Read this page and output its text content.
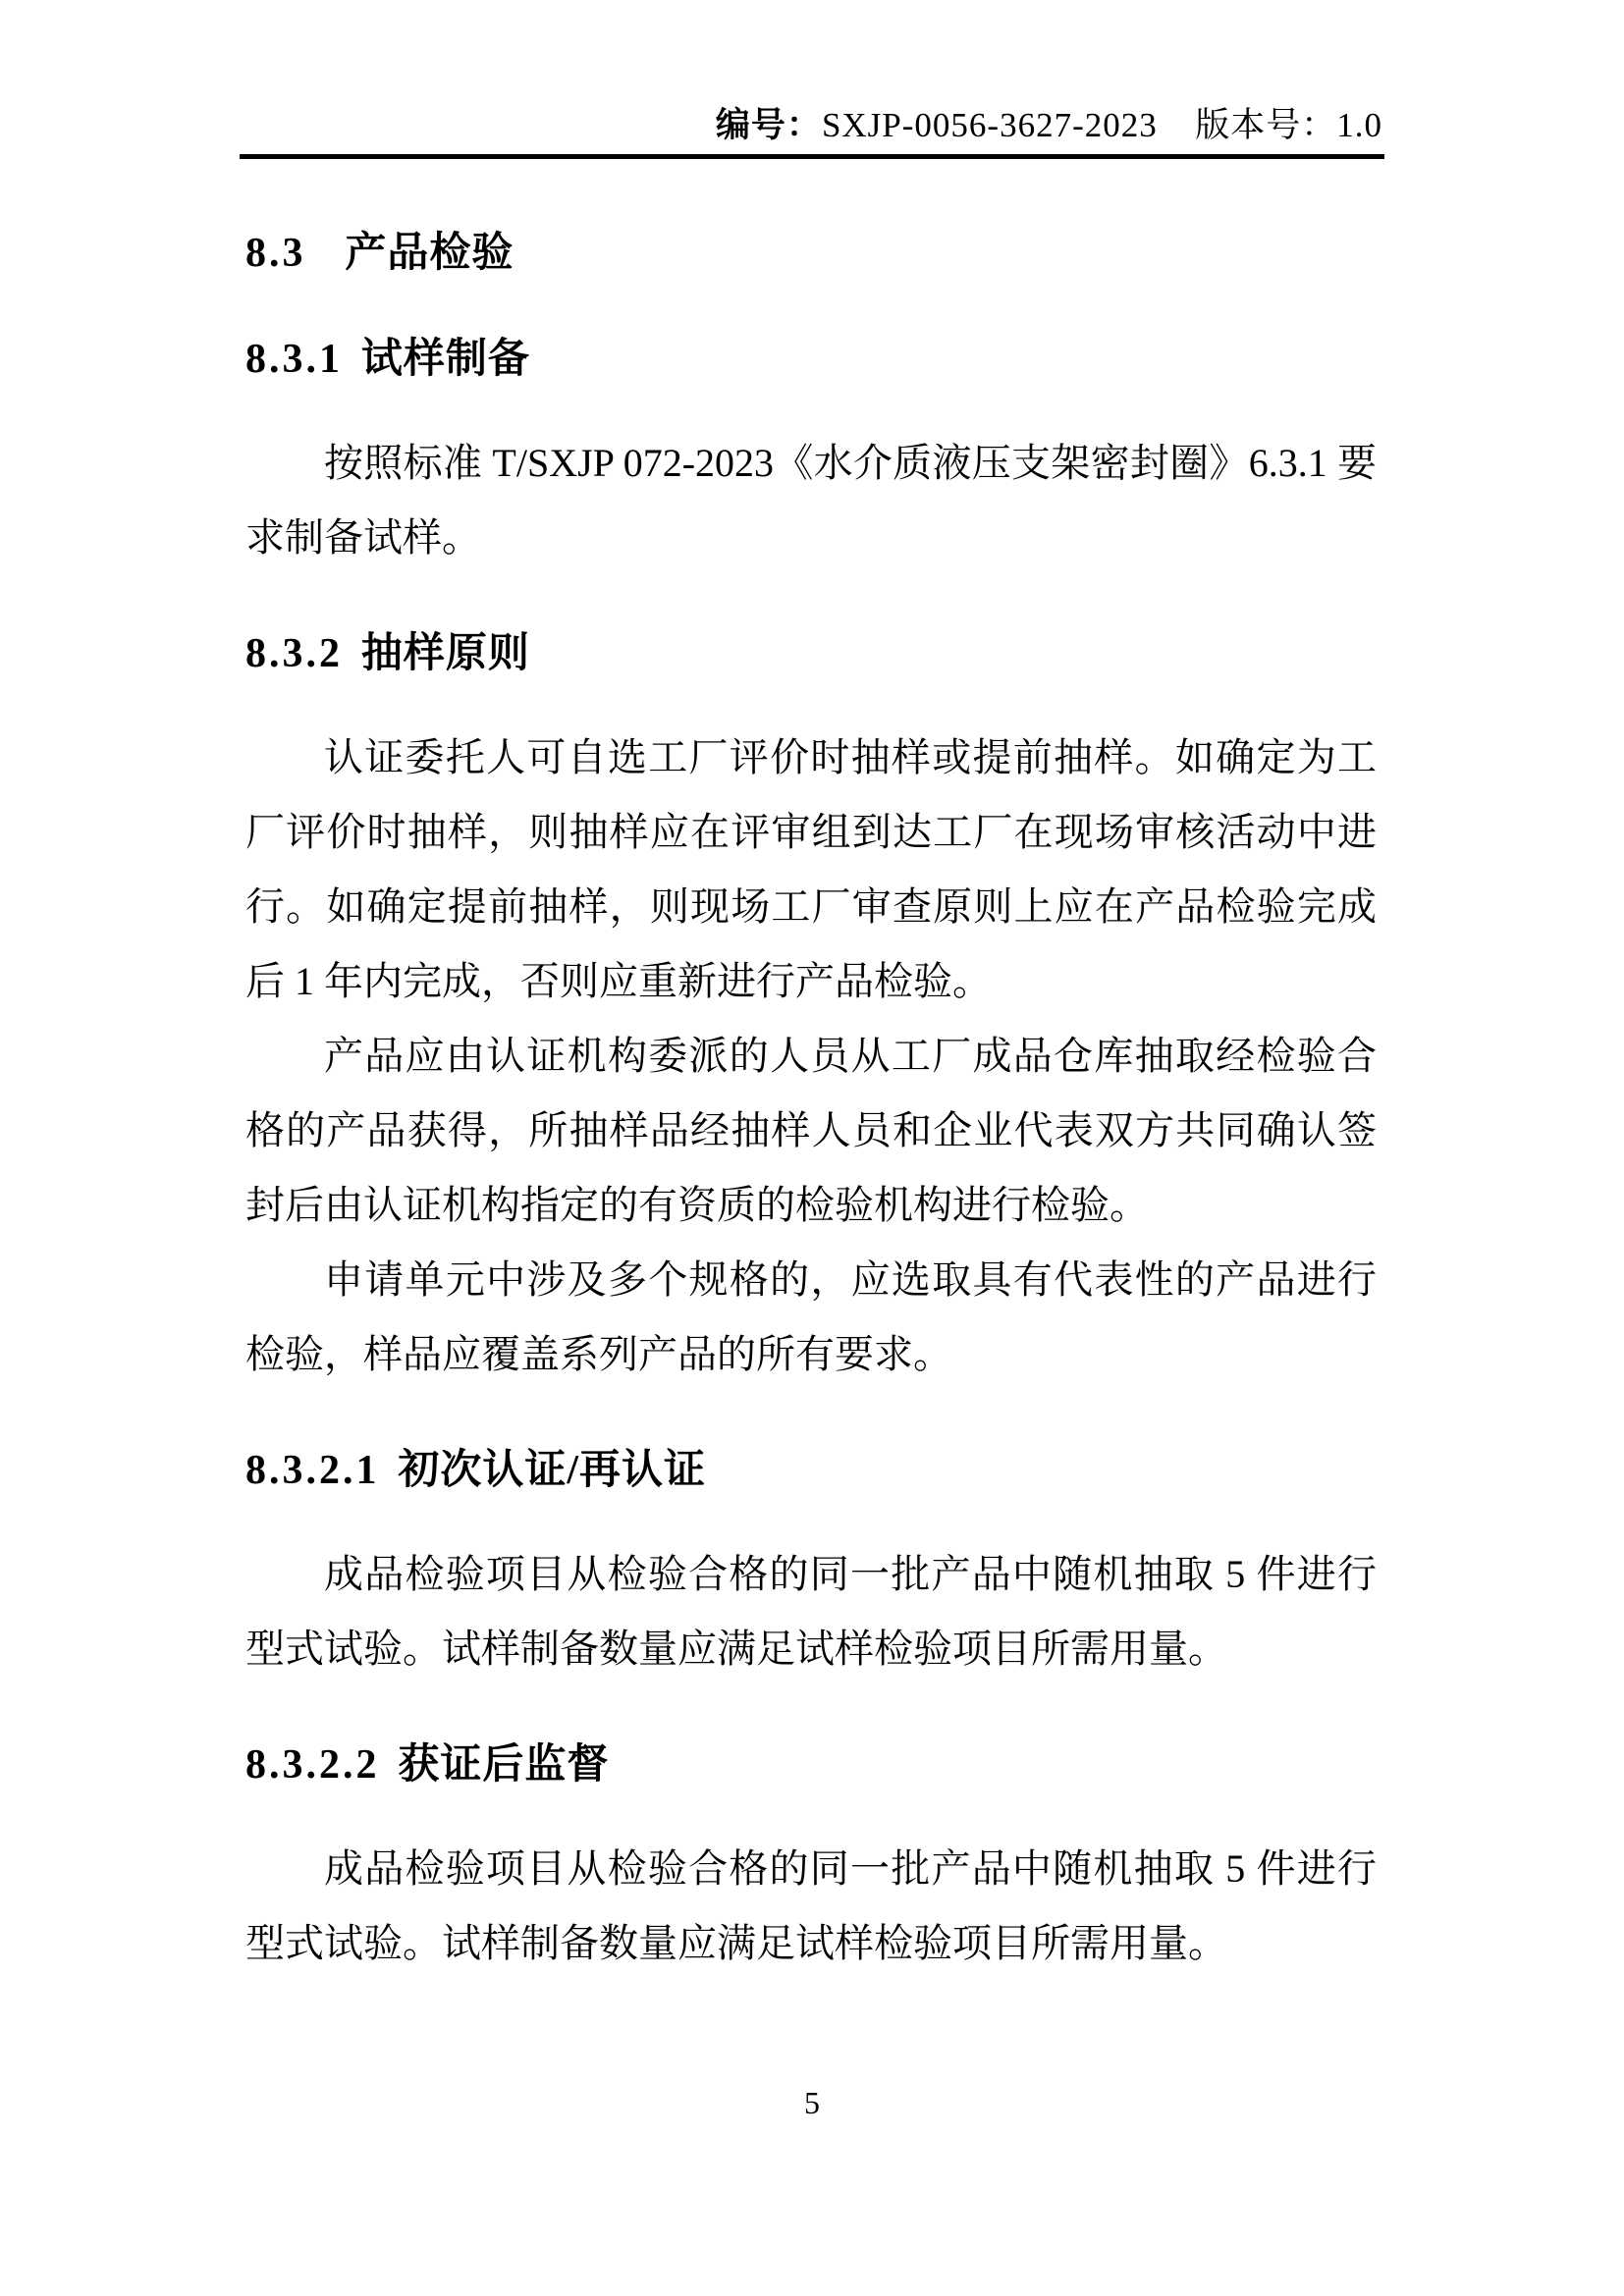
编号：SXJP-0056-3627-2023 版本号：1.0
8.3 产品检验
8.3.1 试样制备

按照标准 T/SXJP 072-2023《水介质液压支架密封圈》6.3.1 要求制备试样。

8.3.2 抽样原则

认证委托人可自选工厂评价时抽样或提前抽样。如确定为工厂评价时抽样，则抽样应在评审组到达工厂在现场审核活动中进行。如确定提前抽样，则现场工厂审查原则上应在产品检验完成后 1 年内完成，否则应重新进行产品检验。

产品应由认证机构委派的人员从工厂成品仓库抽取经检验合格的产品获得，所抽样品经抽样人员和企业代表双方共同确认签封后由认证机构指定的有资质的检验机构进行检验。

申请单元中涉及多个规格的，应选取具有代表性的产品进行检验，样品应覆盖系列产品的所有要求。

8.3.2.1 初次认证/再认证

成品检验项目从检验合格的同一批产品中随机抽取 5 件进行型式试验。试样制备数量应满足试样检验项目所需用量。

8.3.2.2 获证后监督

成品检验项目从检验合格的同一批产品中随机抽取 5 件进行型式试验。试样制备数量应满足试样检验项目所需用量。

5
